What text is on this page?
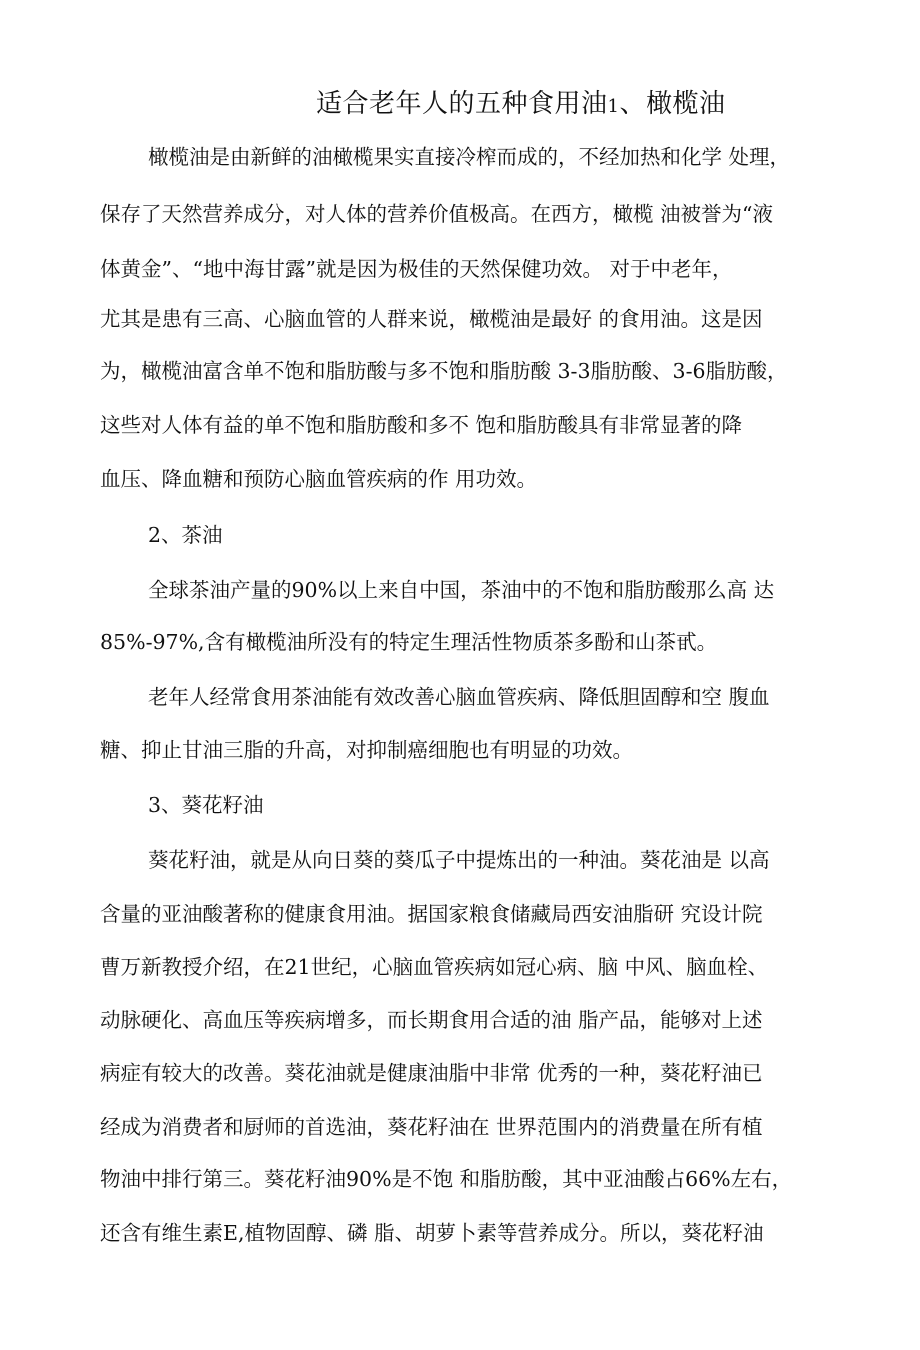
适合老年人的五种食用油1、橄榄油
橄榄油是由新鲜的油橄榄果实直接冷榨而成的，不经加热和化学 处理，
保存了天然营养成分，对人体的营养价值极高。在西方，橄榄 油被誉为“液
体黄金”、“地中海甘露”就是因为极佳的天然保健功效。 对于中老年，
尤其是患有三高、心脑血管的人群来说，橄榄油是最好 的食用油。这是因
为，橄榄油富含单不饱和脂肪酸与多不饱和脂肪酸 3-3脂肪酸、3-6脂肪酸，
这些对人体有益的单不饱和脂肪酸和多不 饱和脂肪酸具有非常显著的降
血压、降血糖和预防心脑血管疾病的作 用功效。
2、茶油
全球茶油产量的90%以上来自中国，茶油中的不饱和脂肪酸那么高 达
85%-97%,含有橄榄油所没有的特定生理活性物质茶多酚和山茶甙。
老年人经常食用茶油能有效改善心脑血管疾病、降低胆固醇和空 腹血
糖、抑止甘油三脂的升高，对抑制癌细胞也有明显的功效。
3、葵花籽油
葵花籽油，就是从向日葵的葵瓜子中提炼出的一种油。葵花油是 以高
含量的亚油酸著称的健康食用油。据国家粮食储藏局西安油脂研 究设计院
曹万新教授介绍，在21世纪，心脑血管疾病如冠心病、脑 中风、脑血栓、
动脉硬化、高血压等疾病增多，而长期食用合适的油 脂产品，能够对上述
病症有较大的改善。葵花油就是健康油脂中非常 优秀的一种，葵花籽油已
经成为消费者和厨师的首选油，葵花籽油在 世界范围内的消费量在所有植
物油中排行第三。葵花籽油90%是不饱 和脂肪酸，其中亚油酸占66%左右，
还含有维生素E,植物固醇、磷 脂、胡萝卜素等营养成分。所以，葵花籽油
